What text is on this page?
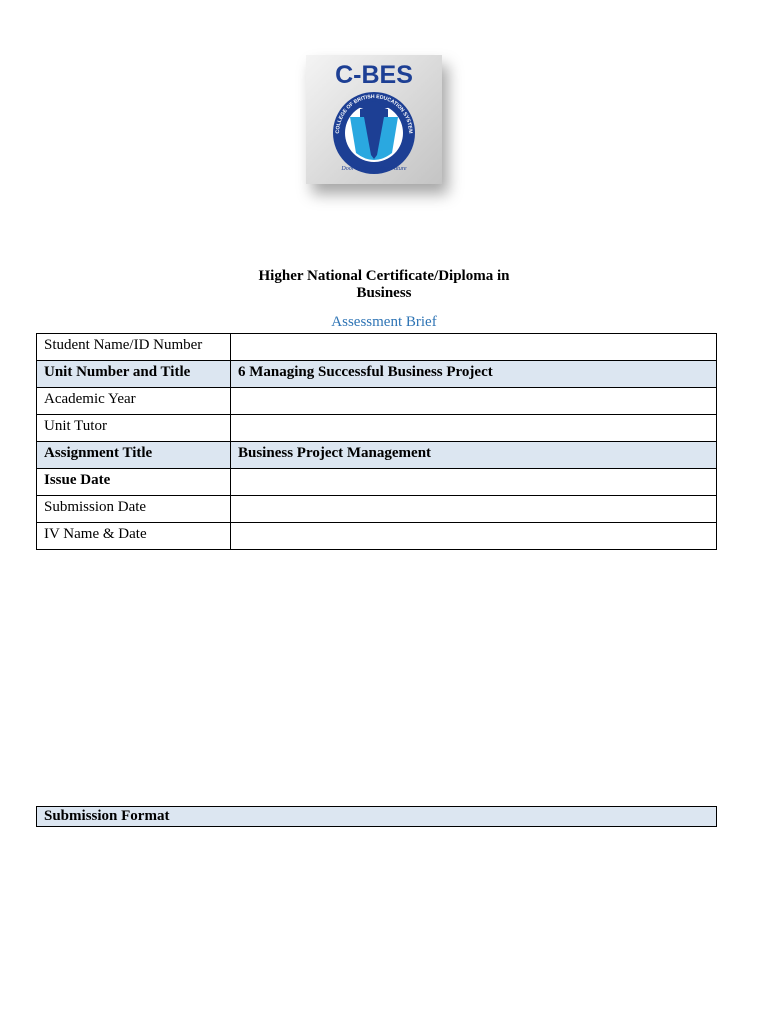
C-BES
COLLEGE OF BRITISH EDUCATION SYSTEM
Door to Your Better Future
Higher National Certificate/Diploma in
Business
Assessment Brief
Student Name/ID Number	
Unit Number and Title	6 Managing Successful Business Project
Academic Year	
Unit Tutor	
Assignment Title	Business Project Management
Issue Date	
Submission Date	
IV Name & Date	
Submission Format
